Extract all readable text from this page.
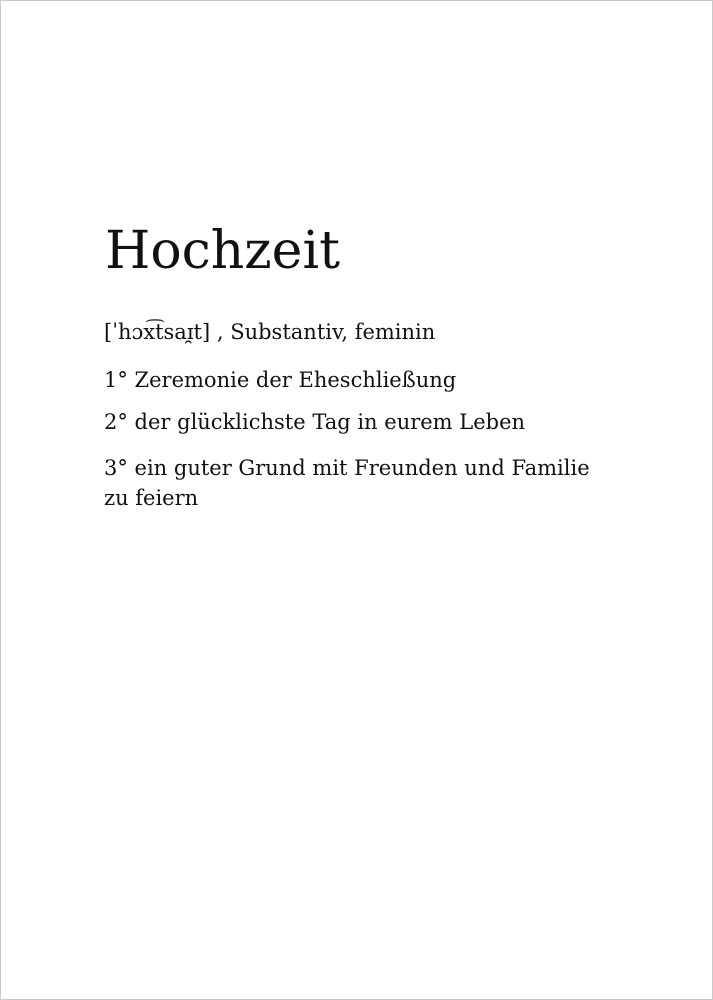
Hochzeit

[ˈhɔx͡tsaɪ̯t] , Substantiv, feminin

1° Zeremonie der Eheschließung

2° der glücklichste Tag in eurem Leben

3° ein guter Grund mit Freunden und Familie
zu feiern
